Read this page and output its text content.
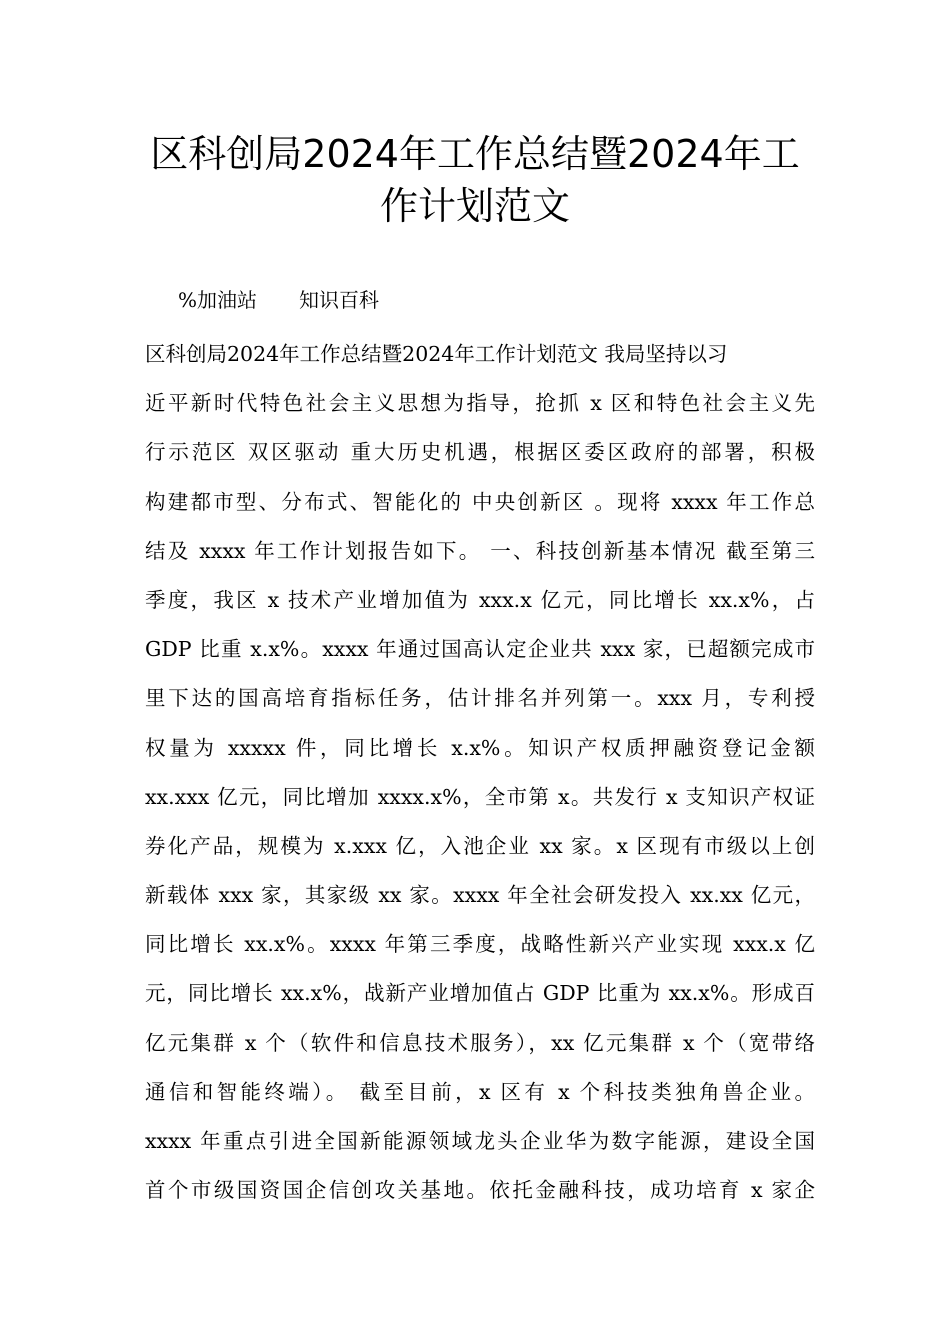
区科创局2024年工作总结暨2024年工
作计划范文
%加油站 知识百科
区科创局2024年工作总结暨2024年工作计划范文 我局坚持以习
近平新时代特色社会主义思想为指导，抢抓 x 区和特色社会主义先
行示范区 双区驱动 重大历史机遇，根据区委区政府的部署，积极
构建都市型、分布式、智能化的 中央创新区 。现将 xxxx 年工作总
结及 xxxx 年工作计划报告如下。 一、科技创新基本情况 截至第三
季度，我区 x 技术产业增加值为 xxx.x 亿元，同比增长 xx.x%，占
GDP 比重 x.x%。xxxx 年通过国高认定企业共 xxx 家，已超额完成市
里下达的国高培育指标任务，估计排名并列第一。xxx 月，专利授
权量为 xxxxx 件，同比增长 x.x%。知识产权质押融资登记金额
xx.xxx 亿元，同比增加 xxxx.x%，全市第 x。共发行 x 支知识产权证
券化产品，规模为 x.xxx 亿，入池企业 xx 家。x 区现有市级以上创
新载体 xxx 家，其家级 xx 家。xxxx 年全社会研发投入 xx.xx 亿元，
同比增长 xx.x%。xxxx 年第三季度，战略性新兴产业实现 xxx.x 亿
元，同比增长 xx.x%，战新产业增加值占 GDP 比重为 xx.x%。形成百
亿元集群 x 个（软件和信息技术服务），xx 亿元集群 x 个（宽带络
通信和智能终端）。 截至目前，x 区有 x 个科技类独角兽企业。
xxxx 年重点引进全国新能源领域龙头企业华为数字能源，建设全国
首个市级国资国企信创攻关基地。依托金融科技，成功培育 x 家企
